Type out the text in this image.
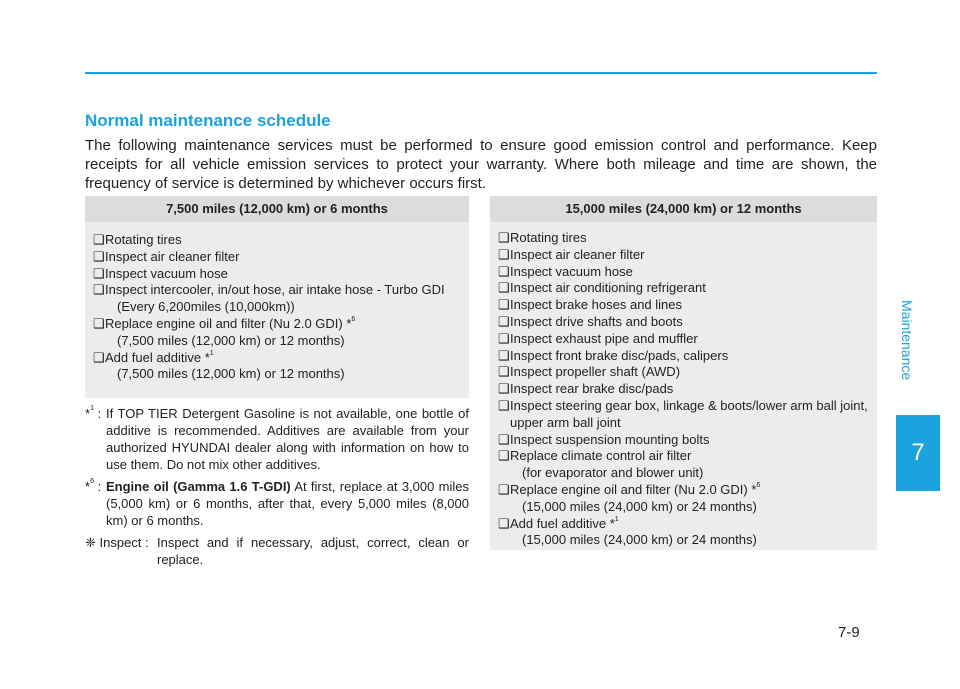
Maintenance
7
7-9
Normal maintenance schedule
The following maintenance services must be performed to ensure good emission control and performance. Keep receipts for all vehicle emission services to protect your warranty. Where both mileage and time are shown, the frequency of service is determined by whichever occurs first.
7,500 miles (12,000 km) or 6 months
❑ Rotating tires
❑ Inspect air cleaner filter
❑ Inspect vacuum hose
❑ Inspect intercooler, in/out hose, air intake hose - Turbo GDI
(Every 6,200miles (10,000km))
❑ Replace engine oil and filter (Nu 2.0 GDI) *$^6$
(7,500 miles (12,000 km) or 12 months)
❑ Add fuel additive *$^1$
(7,500 miles (12,000 km) or 12 months)
15,000 miles (24,000 km) or 12 months
❑ Rotating tires
❑ Inspect air cleaner filter
❑ Inspect vacuum hose
❑ Inspect air conditioning refrigerant
❑ Inspect brake hoses and lines
❑ Inspect drive shafts and boots
❑ Inspect exhaust pipe and muffler
❑ Inspect front brake disc/pads, calipers
❑ Inspect propeller shaft (AWD)
❑ Inspect rear brake disc/pads
❑ Inspect steering gear box, linkage & boots/lower arm ball joint, upper arm ball joint
❑ Inspect suspension mounting bolts
❑ Replace climate control air filter
(for evaporator and blower unit)
❑ Replace engine oil and filter (Nu 2.0 GDI) *$^6$
(15,000 miles (24,000 km) or 24 months)
❑ Add fuel additive *$^1$
(15,000 miles (24,000 km) or 24 months)
*$^1$ : If TOP TIER Detergent Gasoline is not available, one bottle of additive is recommended. Additives are available from your authorized HYUNDAI dealer along with information on how to use them. Do not mix other additives.
*$^6$ : Engine oil (Gamma 1.6 T-GDI) At first, replace at 3,000 miles (5,000 km) or 6 months, after that, every 5,000 miles (8,000 km) or 6 months.
❈ Inspect : Inspect and if necessary, adjust, correct, clean or replace.
